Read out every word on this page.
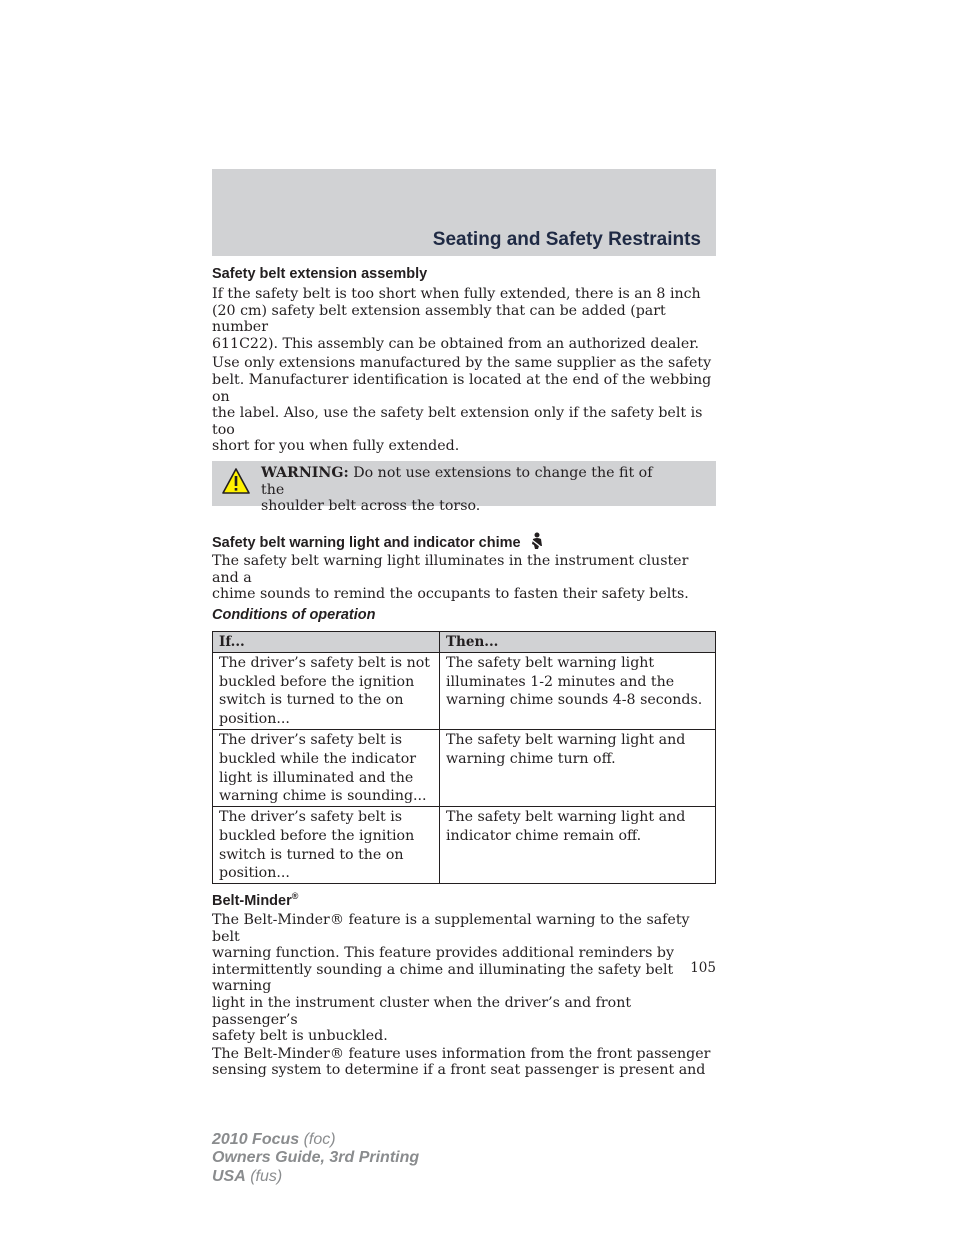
Seating and Safety Restraints
Safety belt extension assembly

If the safety belt is too short when fully extended, there is an 8 inch
(20 cm) safety belt extension assembly that can be added (part number
611C22). This assembly can be obtained from an authorized dealer.

Use only extensions manufactured by the same supplier as the safety
belt. Manufacturer identification is located at the end of the webbing on
the label. Also, use the safety belt extension only if the safety belt is too
short for you when fully extended.

WARNING: Do not use extensions to change the fit of the
shoulder belt across the torso.
Safety belt warning light and indicator chime

The safety belt warning light illuminates in the instrument cluster and a
chime sounds to remind the occupants to fasten their safety belts.

Conditions of operation
If...	Then...
The driver’s safety belt is not
buckled before the ignition
switch is turned to the on
position...	The safety belt warning light
illuminates 1-2 minutes and the
warning chime sounds 4-8 seconds.
The driver’s safety belt is
buckled while the indicator
light is illuminated and the
warning chime is sounding...	The safety belt warning light and
warning chime turn off.
The driver’s safety belt is
buckled before the ignition
switch is turned to the on
position...	The safety belt warning light and
indicator chime remain off.
Belt-Minder®

The Belt-Minder® feature is a supplemental warning to the safety belt
warning function. This feature provides additional reminders by
intermittently sounding a chime and illuminating the safety belt warning
light in the instrument cluster when the driver’s and front passenger’s
safety belt is unbuckled.

The Belt-Minder® feature uses information from the front passenger
sensing system to determine if a front seat passenger is present and

105
2010 Focus (foc)
Owners Guide, 3rd Printing
USA (fus)
